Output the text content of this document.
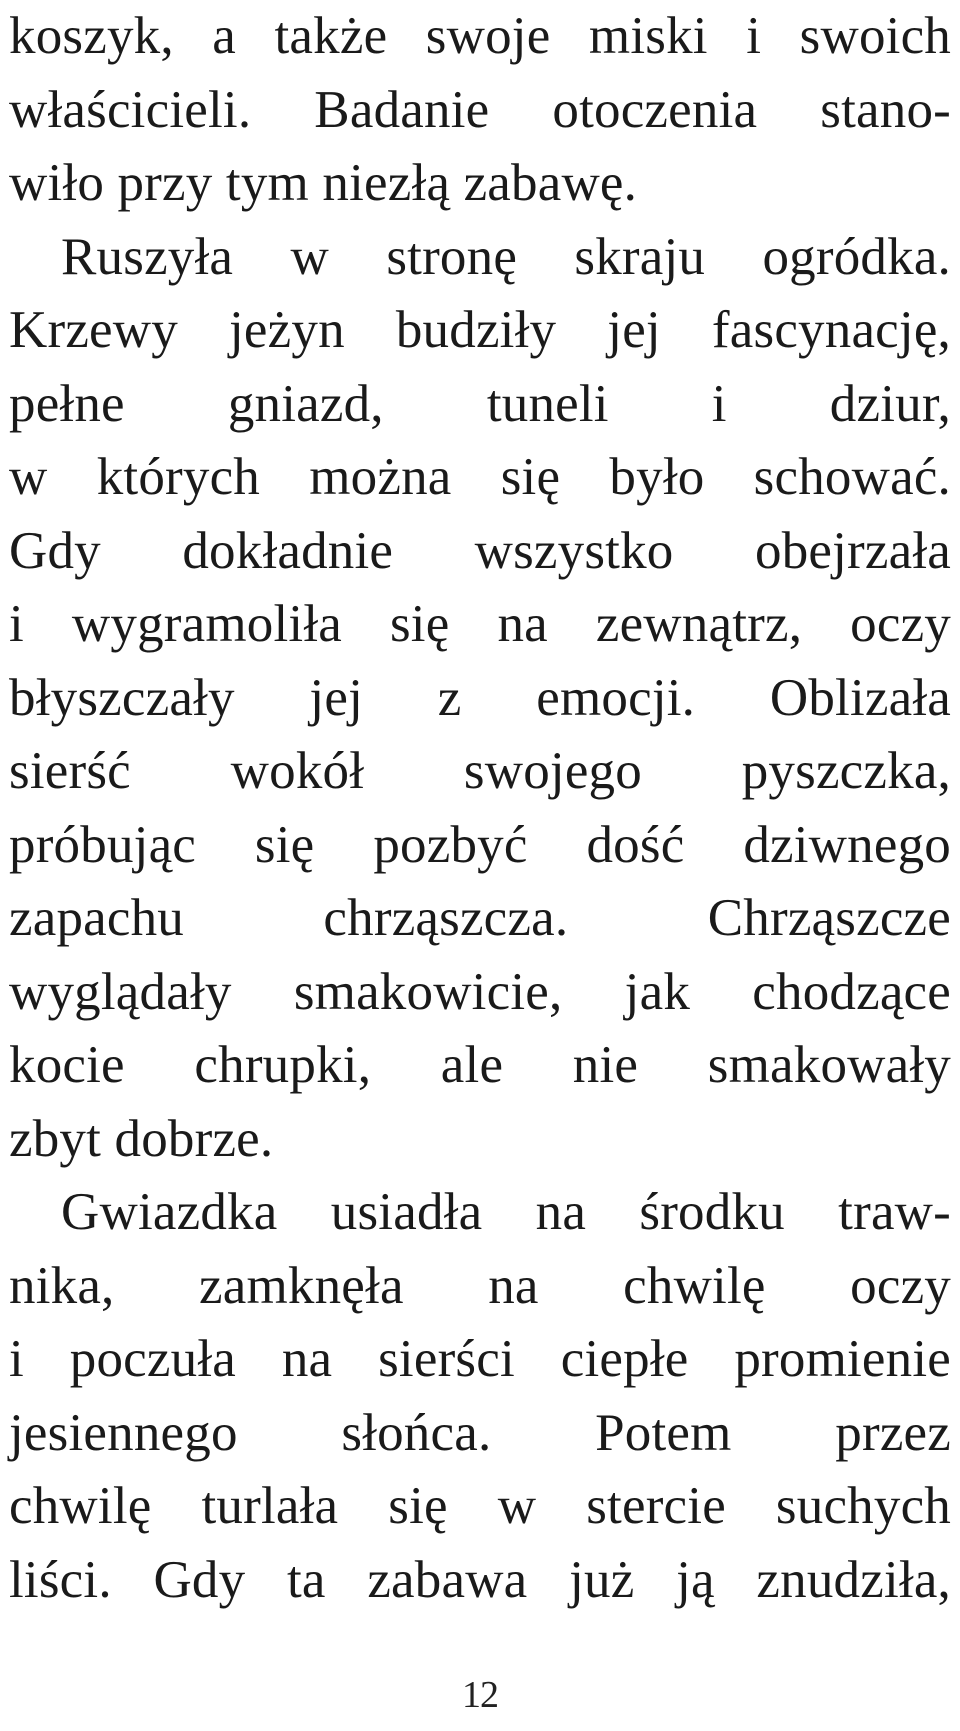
koszyk, a także swoje miski i swoich
właścicieli. Badanie otoczenia stano-
wiło przy tym niezłą zabawę.
Ruszyła w stronę skraju ogródka.
Krzewy jeżyn budziły jej fascynację,
pełne gniazd, tuneli i dziur,
w których można się było schować.
Gdy dokładnie wszystko obejrzała
i wygramoliła się na zewnątrz, oczy
błyszczały jej z emocji. Oblizała
sierść wokół swojego pyszczka,
próbując się pozbyć dość dziwnego
zapachu chrząszcza. Chrząszcze
wyglądały smakowicie, jak chodzące
kocie chrupki, ale nie smakowały
zbyt dobrze.
Gwiazdka usiadła na środku traw-
nika, zamknęła na chwilę oczy
i poczuła na sierści ciepłe promienie
jesiennego słońca. Potem przez
chwilę turlała się w stercie suchych
liści. Gdy ta zabawa już ją znudziła,
12
